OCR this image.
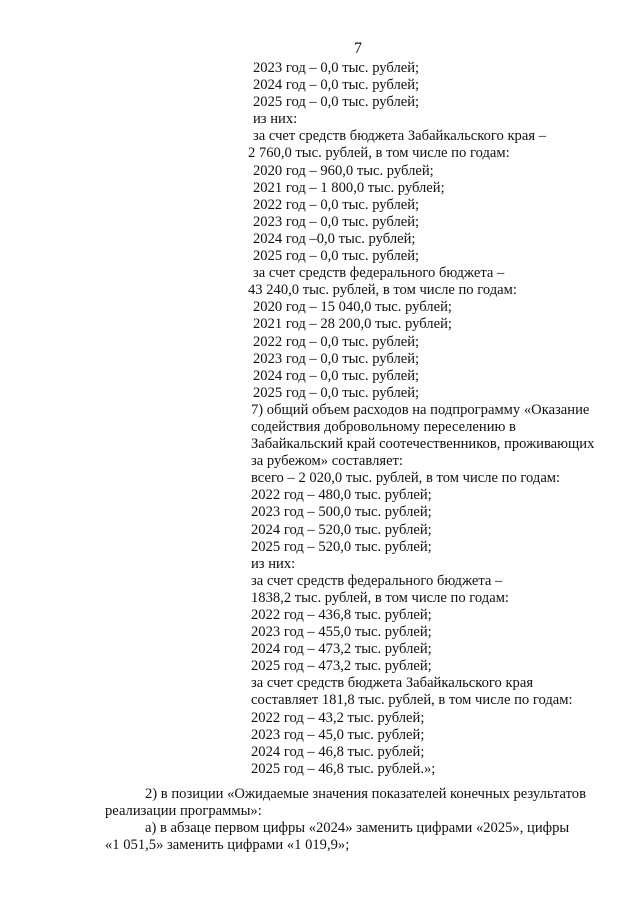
7
2023 год – 0,0 тыс. рублей;
2024 год – 0,0 тыс. рублей;
2025 год – 0,0 тыс. рублей;
из них:
за счет средств бюджета Забайкальского края –
2 760,0 тыс. рублей, в том числе по годам:
2020 год – 960,0 тыс. рублей;
2021 год – 1 800,0 тыс. рублей;
2022 год – 0,0 тыс. рублей;
2023 год – 0,0 тыс. рублей;
2024 год –0,0 тыс. рублей;
2025 год – 0,0 тыс. рублей;
за счет средств федерального бюджета –
43 240,0 тыс. рублей, в том числе по годам:
2020 год – 15 040,0 тыс. рублей;
2021 год – 28 200,0 тыс. рублей;
2022 год – 0,0 тыс. рублей;
2023 год – 0,0 тыс. рублей;
2024 год – 0,0 тыс. рублей;
2025 год – 0,0 тыс. рублей;
7) общий объем расходов на подпрограмму «Оказание
содействия добровольному переселению в
Забайкальский край соотечественников, проживающих
за рубежом» составляет:
всего – 2 020,0 тыс. рублей, в том числе по годам:
2022 год – 480,0 тыс. рублей;
2023 год – 500,0 тыс. рублей;
2024 год – 520,0 тыс. рублей;
2025 год – 520,0 тыс. рублей;
из них:
за счет средств федерального бюджета –
1838,2 тыс. рублей, в том числе по годам:
2022 год – 436,8 тыс. рублей;
2023 год – 455,0 тыс. рублей;
2024 год – 473,2 тыс. рублей;
2025 год – 473,2 тыс. рублей;
за счет средств бюджета Забайкальского края
составляет 181,8 тыс. рублей, в том числе по годам:
2022 год – 43,2 тыс. рублей;
2023 год – 45,0 тыс. рублей;
2024 год – 46,8 тыс. рублей;
2025 год – 46,8 тыс. рублей.»;
2) в позиции «Ожидаемые значения показателей конечных результатов
реализации программы»:
а) в абзаце первом цифры «2024» заменить цифрами «2025», цифры
«1 051,5» заменить цифрами «1 019,9»;
